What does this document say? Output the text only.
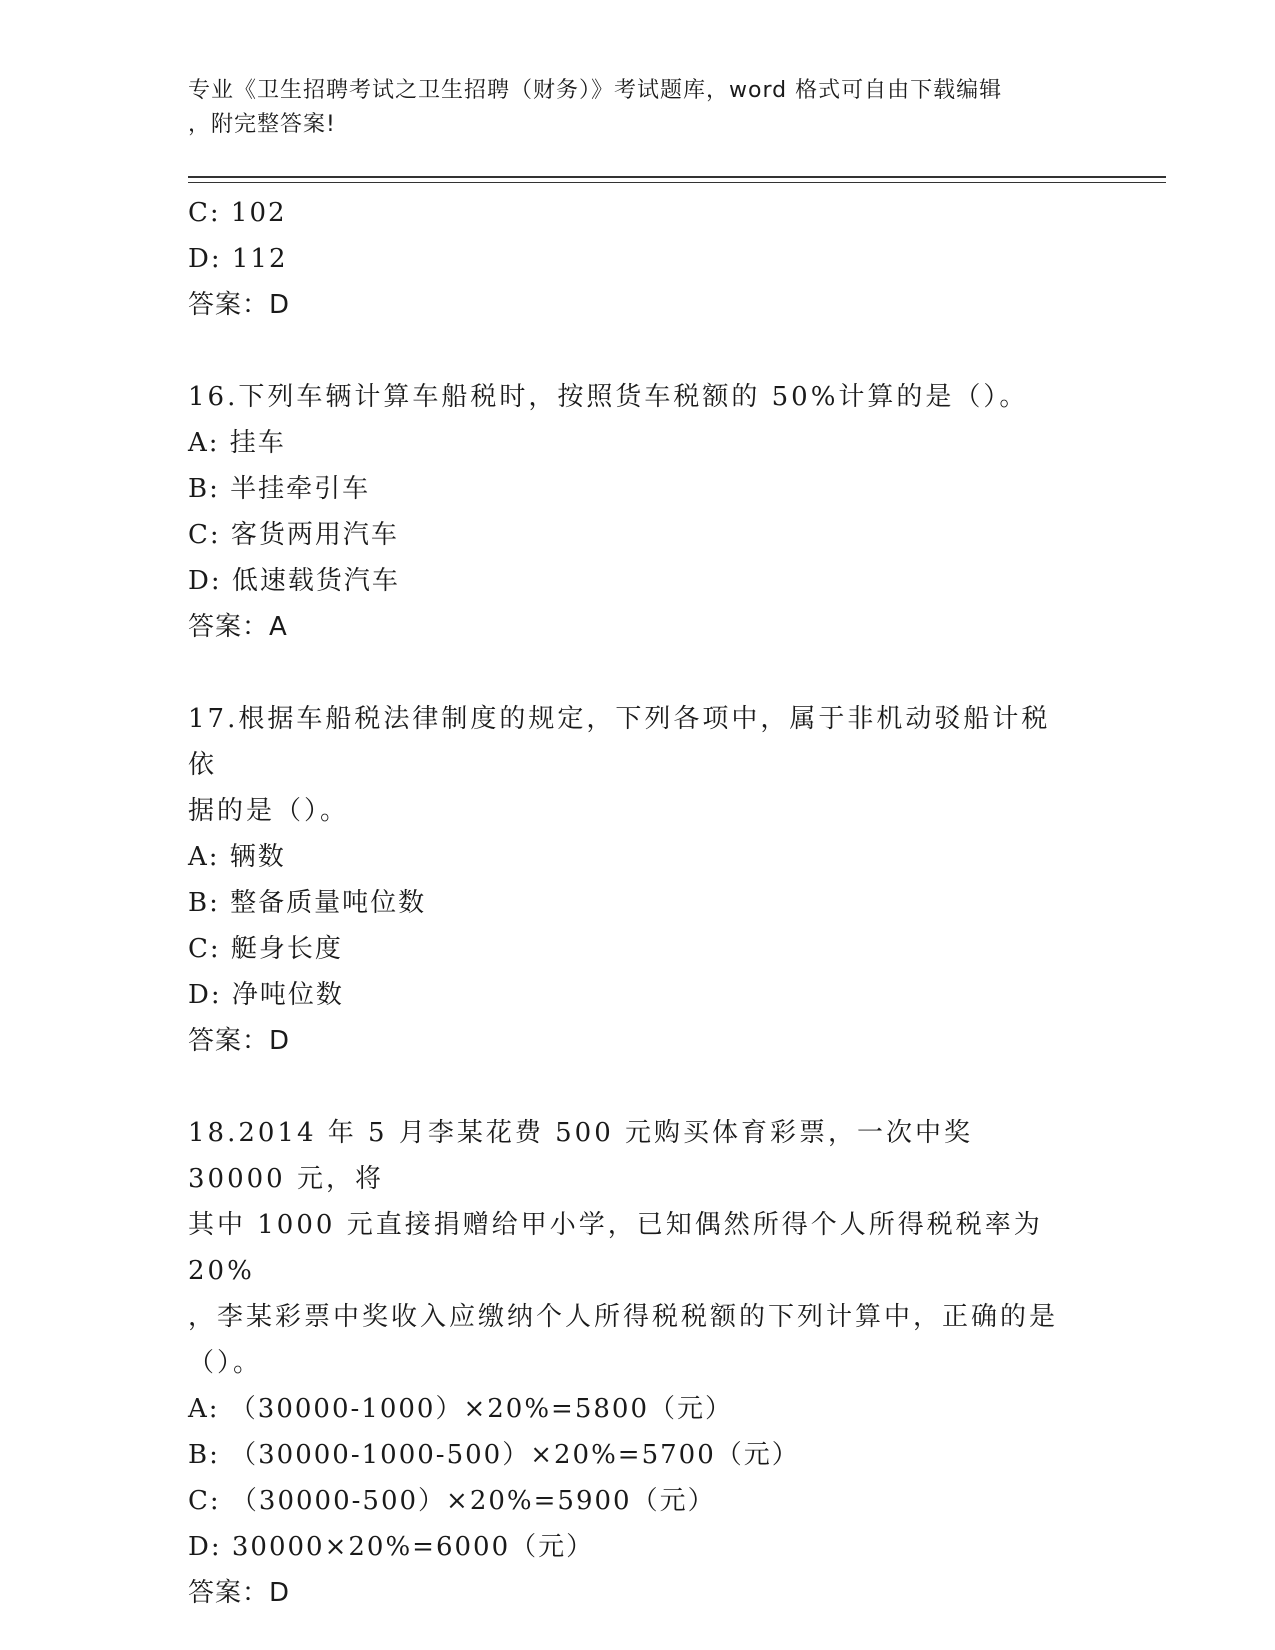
专业《卫生招聘考试之卫生招聘（财务）》考试题库，word 格式可自由下载编辑
，附完整答案!
C: 102
D: 112
答案：D
16.下列车辆计算车船税时，按照货车税额的 50%计算的是（）。
A: 挂车
B: 半挂牵引车
C: 客货两用汽车
D: 低速载货汽车
答案：A
17.根据车船税法律制度的规定，下列各项中，属于非机动驳船计税依
据的是（）。
A: 辆数
B: 整备质量吨位数
C: 艇身长度
D: 净吨位数
答案：D
18.2014 年 5 月李某花费 500 元购买体育彩票，一次中奖 30000 元，将
其中 1000 元直接捐赠给甲小学，已知偶然所得个人所得税税率为 20%
，李某彩票中奖收入应缴纳个人所得税税额的下列计算中，正确的是
（）。
A: （30000-1000）×20%=5800（元）
B: （30000-1000-500）×20%=5700（元）
C: （30000-500）×20%=5900（元）
D: 30000×20%=6000（元）
答案：D
